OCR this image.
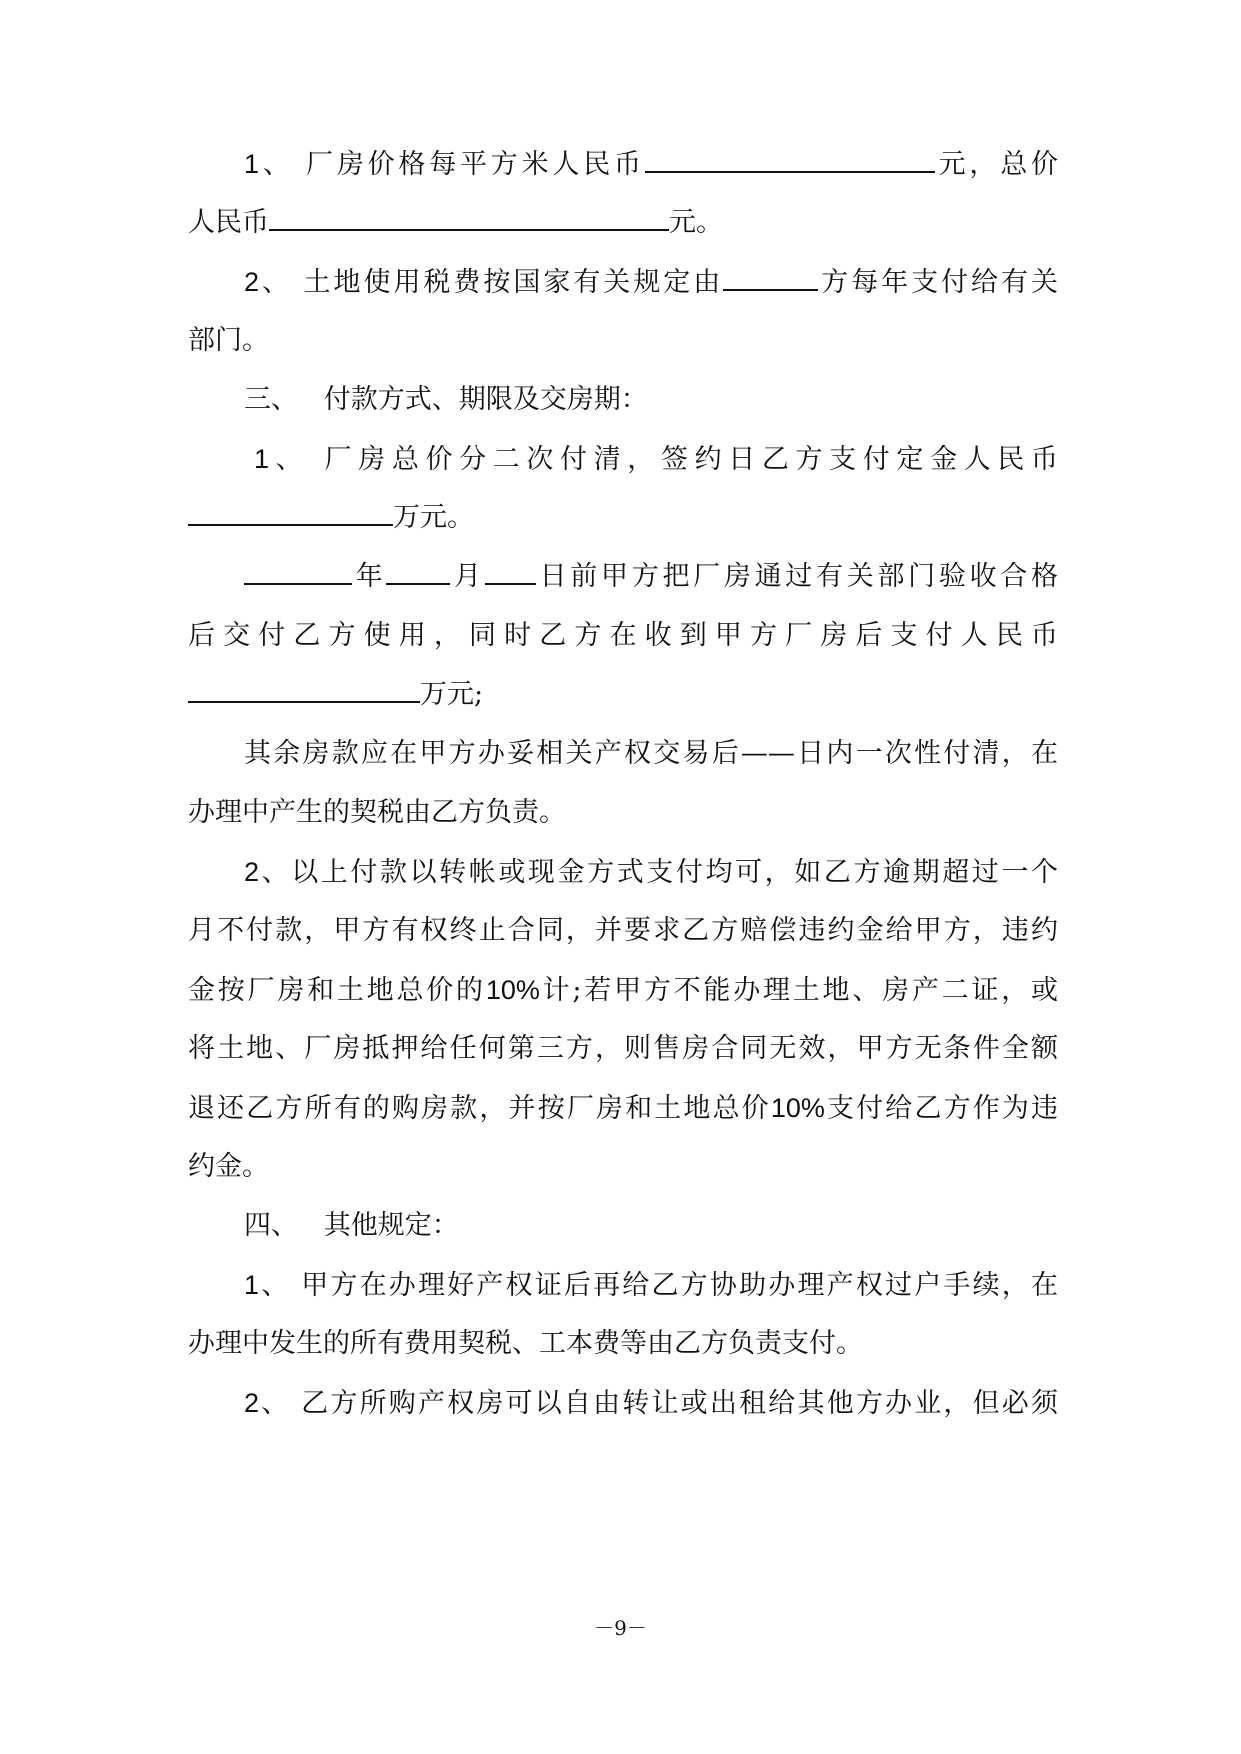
1、 厂房价格每平方米人民币	元，总价
人民币	元。
2、 土地使用税费按国家有关规定由	方每年支付给有关
部门。
三、 付款方式、期限及交房期：
1、 厂房总价分二次付清，签约日乙方支付定金人民币
万元。
年 月 日前甲方把厂房通过有关部门验收合格
后交付乙方使用，同时乙方在收到甲方厂房后支付人民币
万元;
其余房款应在甲方办妥相关产权交易后——日内一次性付清，在
办理中产生的契税由乙方负责。
2、以上付款以转帐或现金方式支付均可，如乙方逾期超过一个
月不付款，甲方有权终止合同，并要求乙方赔偿违约金给甲方，违约
金按厂房和土地总价的10%计;若甲方不能办理土地、房产二证，或
将土地、厂房抵押给任何第三方，则售房合同无效，甲方无条件全额
退还乙方所有的购房款，并按厂房和土地总价10%支付给乙方作为违
约金。
四、 其他规定：
1、 甲方在办理好产权证后再给乙方协助办理产权过户手续，在
办理中发生的所有费用契税、工本费等由乙方负责支付。
2、 乙方所购产权房可以自由转让或出租给其他方办业，但必须
－9－
